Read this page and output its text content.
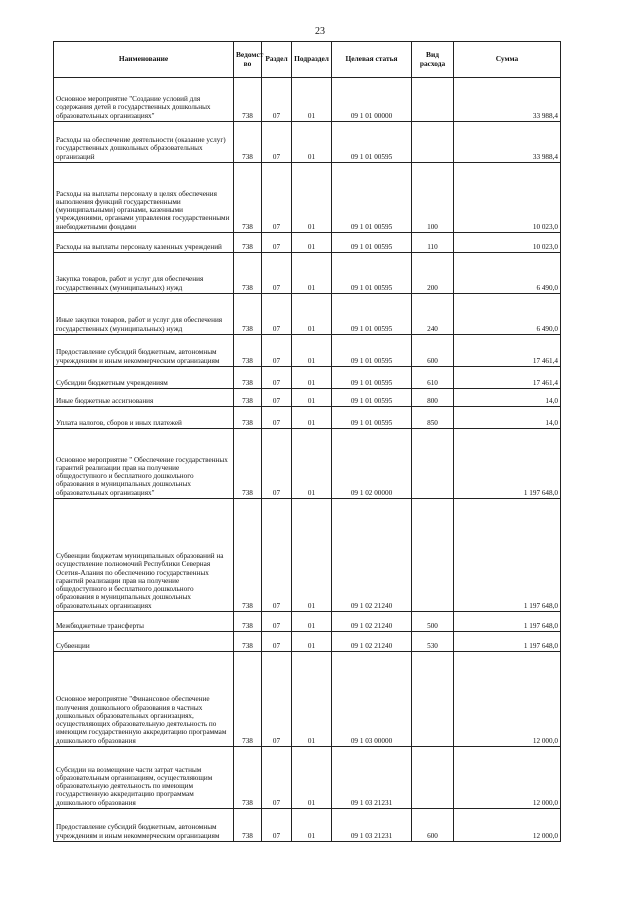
23
Наименование	Ведомст во	Раздел	Подраздел	Целевая статья	Вид расхода	Сумма
Основное мероприятие "Создание условий для содержания детей в государственных дошкольных образовательных организациях"	738	07	01	09 1 01 00000		33 988,4
Расходы на обеспечение деятельности (оказание услуг) государственных дошкольных образовательных организаций	738	07	01	09 1 01 00595		33 988,4
Расходы на выплаты персоналу в целях обеспечения выполнения функций государственными (муниципальными) органами, казенными учреждениями, органами управления государственными внебюджетными фондами	738	07	01	09 1 01 00595	100	10 023,0
Расходы на выплаты персоналу казенных учреждений	738	07	01	09 1 01 00595	110	10 023,0
Закупка товаров, работ и услуг для обеспечения государственных (муниципальных) нужд	738	07	01	09 1 01 00595	200	6 490,0
Иные закупки товаров, работ и услуг для обеспечения государственных (муниципальных) нужд	738	07	01	09 1 01 00595	240	6 490,0
Предоставление субсидий бюджетным, автономным учреждениям и иным некоммерческим организациям	738	07	01	09 1 01 00595	600	17 461,4
Субсидии бюджетным учреждениям	738	07	01	09 1 01 00595	610	17 461,4
Иные бюджетные ассигнования	738	07	01	09 1 01 00595	800	14,0
Уплата налогов, сборов и иных платежей	738	07	01	09 1 01 00595	850	14,0
Основное мероприятие " Обеспечение государственных гарантий реализации прав на получение общедоступного и бесплатного дошкольного образования в муниципальных дошкольных образовательных организациях"	738	07	01	09 1 02 00000		1 197 648,0
Субвенции бюджетам муниципальных образований на осуществление полномочий Республики Северная Осетия-Алания по обеспечению государственных гарантий реализации прав на получение общедоступного и бесплатного дошкольного образования в муниципальных дошкольных образовательных организациях	738	07	01	09 1 02 21240		1 197 648,0
Межбюджетные трансферты	738	07	01	09 1 02 21240	500	1 197 648,0
Субвенции	738	07	01	09 1 02 21240	530	1 197 648,0
Основное мероприятие "Финансовое обеспечение получения дошкольного образования в частных дошкольных образовательных организациях, осуществляющих образовательную деятельность по имеющим государственную аккредитацию программам дошкольного образования	738	07	01	09 1 03 00000		12 000,0
Субсидии на возмещение части затрат частным образовательным организациям, осуществляющим образовательную деятельность по имеющим государственную аккредитацию программам дошкольного образования	738	07	01	09 1 03 21231		12 000,0
Предоставление субсидий бюджетным, автономным учреждениям и иным некоммерческим организациям	738	07	01	09 1 03 21231	600	12 000,0
